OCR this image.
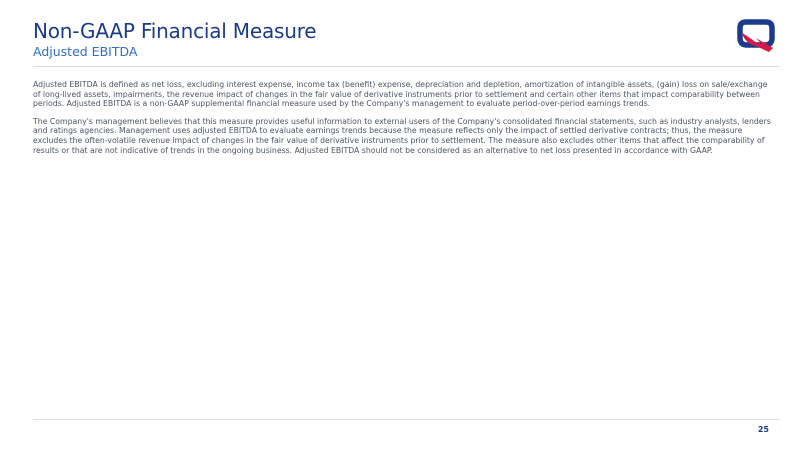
Non-GAAP Financial Measure
Adjusted EBITDA

Adjusted EBITDA is defined as net loss, excluding interest expense, income tax (benefit) expense, depreciation and depletion, amortization of intangible assets, (gain) loss on sale/exchange of long-lived assets, impairments, the revenue impact of changes in the fair value of derivative instruments prior to settlement and certain other items that impact comparability between periods. Adjusted EBITDA is a non-GAAP supplemental financial measure used by the Company's management to evaluate period-over-period earnings trends.

The Company's management believes that this measure provides useful information to external users of the Company's consolidated financial statements, such as industry analysts, lenders and ratings agencies. Management uses adjusted EBITDA to evaluate earnings trends because the measure reflects only the impact of settled derivative contracts; thus, the measure excludes the often-volatile revenue impact of changes in the fair value of derivative instruments prior to settlement. The measure also excludes other items that affect the comparability of results or that are not indicative of trends in the ongoing business. Adjusted EBITDA should not be considered as an alternative to net loss presented in accordance with GAAP.

25
